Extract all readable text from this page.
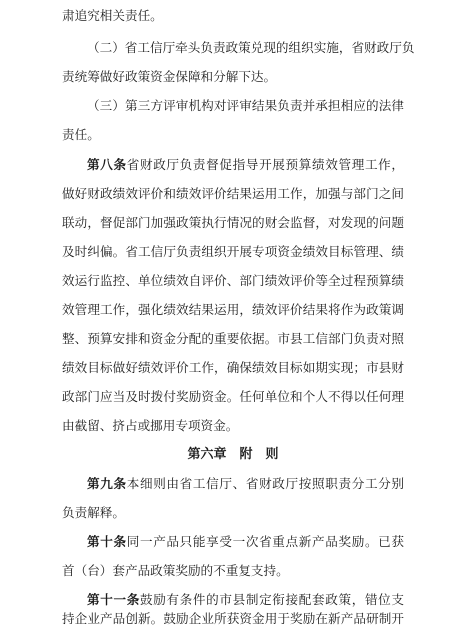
肃追究相关责任。
（二）省工信厅牵头负责政策兑现的组织实施，省财政厅负
责统筹做好政策资金保障和分解下达。
（三）第三方评审机构对评审结果负责并承担相应的法律
责任。
第八条省财政厅负责督促指导开展预算绩效管理工作，
做好财政绩效评价和绩效评价结果运用工作，加强与部门之间
联动，督促部门加强政策执行情况的财会监督，对发现的问题
及时纠偏。省工信厅负责组织开展专项资金绩效目标管理、绩
效运行监控、单位绩效自评价、部门绩效评价等全过程预算绩
效管理工作，强化绩效结果运用，绩效评价结果将作为政策调
整、预算安排和资金分配的重要依据。市县工信部门负责对照
绩效目标做好绩效评价工作，确保绩效目标如期实现；市县财
政部门应当及时拨付奖励资金。任何单位和个人不得以任何理
由截留、挤占或挪用专项资金。
第六章　附　则
第九条本细则由省工信厅、省财政厅按照职责分工分别
负责解释。
第十条同一产品只能享受一次省重点新产品奖励。已获
首（台）套产品政策奖励的不重复支持。
第十一条鼓励有条件的市县制定衔接配套政策，错位支
持企业产品创新。鼓励企业所获资金用于奖励在新产品研制开
